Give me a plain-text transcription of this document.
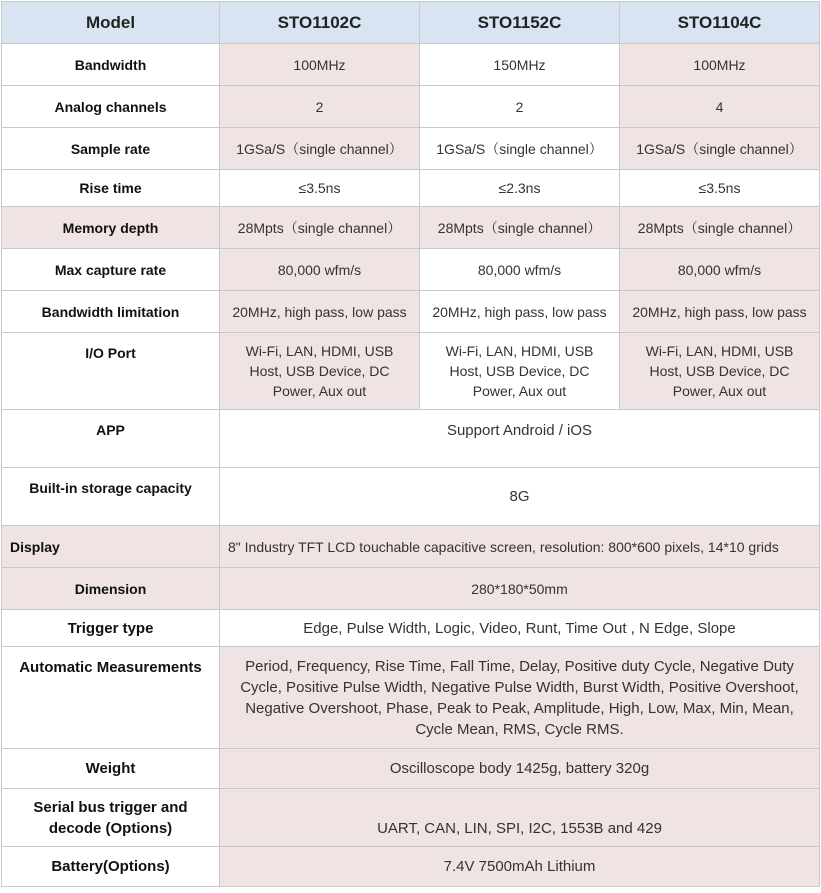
Model	STO1102C	STO1152C	STO1104C
Bandwidth	100MHz	150MHz	100MHz
Analog channels	2	2	4
Sample rate	1GSa/S（single channel）	1GSa/S（single channel）	1GSa/S（single channel）
Rise time	≤3.5ns	≤2.3ns	≤3.5ns
Memory depth	28Mpts（single channel）	28Mpts（single channel）	28Mpts（single channel）
Max capture rate	80,000 wfm/s	80,000 wfm/s	80,000 wfm/s
Bandwidth limitation	20MHz, high pass, low pass	20MHz, high pass, low pass	20MHz, high pass, low pass
I/O Port	Wi-Fi, LAN, HDMI, USB Host, USB Device, DC Power, Aux out	Wi-Fi, LAN, HDMI, USB Host, USB Device, DC Power, Aux out	Wi-Fi, LAN, HDMI, USB Host, USB Device, DC Power, Aux out
APP	Support Android / iOS		
Built-in storage capacity	8G		
Display	8" Industry TFT LCD touchable capacitive screen, resolution: 800*600 pixels, 14*10 grids		
Dimension	280*180*50mm		
Trigger type	Edge, Pulse Width, Logic, Video, Runt, Time Out , N Edge, Slope		
Automatic Measurements	Period, Frequency, Rise Time, Fall Time, Delay, Positive duty Cycle, Negative Duty Cycle, Positive Pulse Width, Negative Pulse Width, Burst Width, Positive Overshoot, Negative Overshoot, Phase, Peak to Peak, Amplitude, High, Low, Max, Min, Mean, Cycle Mean, RMS, Cycle RMS.		
Weight	Oscilloscope body 1425g, battery 320g		
Serial bus trigger and decode (Options)	UART, CAN, LIN, SPI, I2C, 1553B and 429		
Battery(Options)	7.4V 7500mAh Lithium		
